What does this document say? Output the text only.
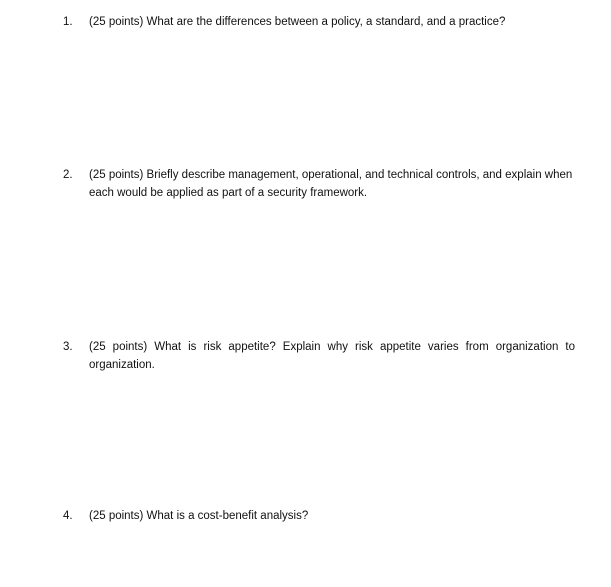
1.	(25 points) What are the differences between a policy, a standard, and a practice?
2.	(25 points) Briefly describe management, operational, and technical controls, and explain when each would be applied as part of a security framework.
3.	(25 points) What is risk appetite? Explain why risk appetite varies from organization to organization.
4.	(25 points) What is a cost-benefit analysis?
